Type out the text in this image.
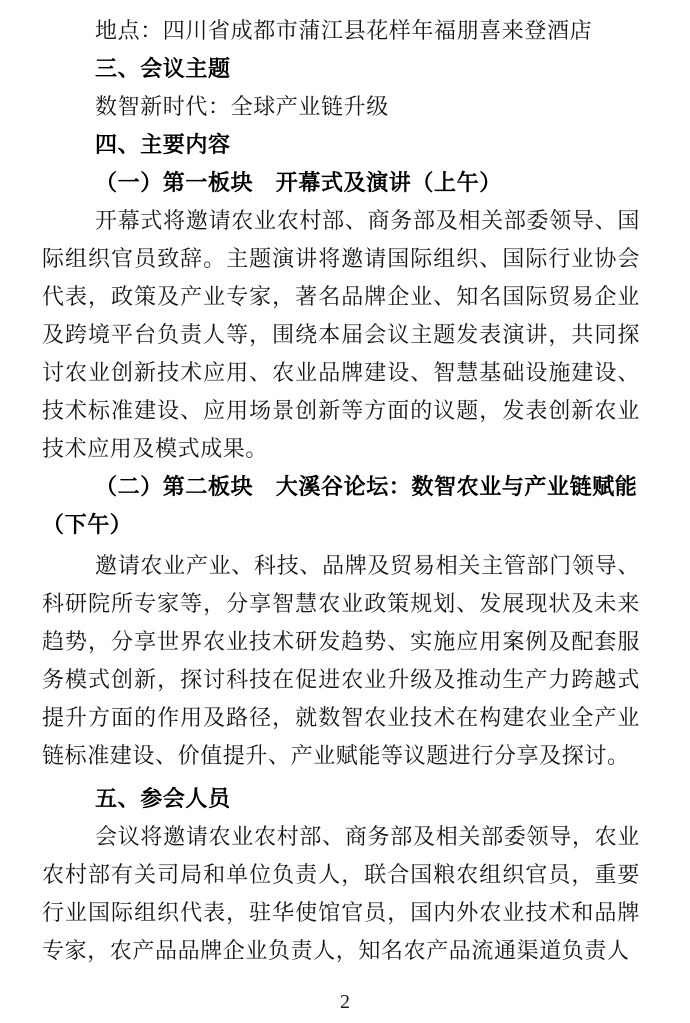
地点：四川省成都市蒲江县花样年福朋喜来登酒店

三、会议主题

数智新时代：全球产业链升级

四、主要内容

（一）第一板块　开幕式及演讲（上午）

开幕式将邀请农业农村部、商务部及相关部委领导、国际组织官员致辞。主题演讲将邀请国际组织、国际行业协会代表，政策及产业专家，著名品牌企业、知名国际贸易企业及跨境平台负责人等，围绕本届会议主题发表演讲，共同探讨农业创新技术应用、农业品牌建设、智慧基础设施建设、技术标准建设、应用场景创新等方面的议题，发表创新农业技术应用及模式成果。

（二）第二板块　大溪谷论坛：数智农业与产业链赋能（下午）

邀请农业产业、科技、品牌及贸易相关主管部门领导、科研院所专家等，分享智慧农业政策规划、发展现状及未来趋势，分享世界农业技术研发趋势、实施应用案例及配套服务模式创新，探讨科技在促进农业升级及推动生产力跨越式提升方面的作用及路径，就数智农业技术在构建农业全产业链标准建设、价值提升、产业赋能等议题进行分享及探讨。

五、参会人员

会议将邀请农业农村部、商务部及相关部委领导，农业农村部有关司局和单位负责人，联合国粮农组织官员，重要行业国际组织代表，驻华使馆官员，国内外农业技术和品牌专家，农产品品牌企业负责人，知名农产品流通渠道负责人

2
